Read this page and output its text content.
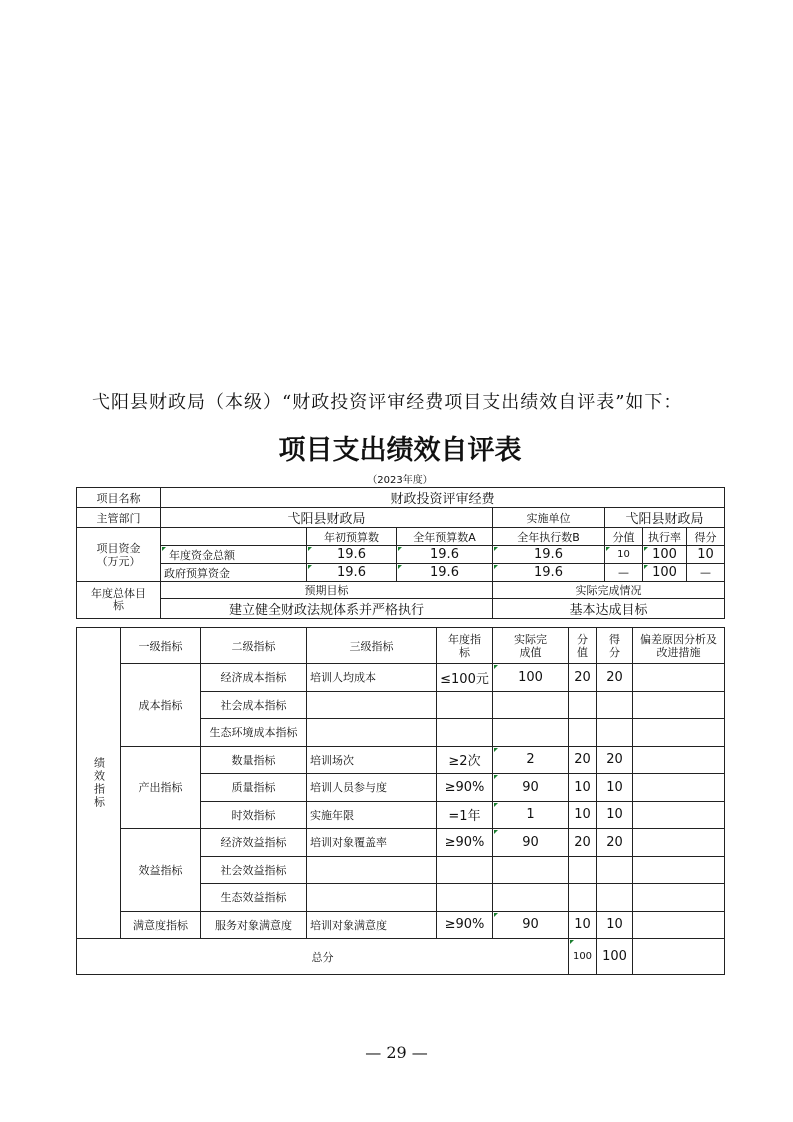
弋阳县财政局（本级）“财政投资评审经费项目支出绩效自评表”如下：
项目支出绩效自评表
（2023年度）
项目名称	财政投资评审经费						
主管部门	弋阳县财政局			实施单位	弋阳县财政局		
项目资金（万元）		年初预算数	全年预算数A	全年执行数B	分值	执行率	得分
	年度资金总额	19.6	19.6	19.6	10	100	10
	政府预算资金	19.6	19.6	19.6	—	100	—
年度总体目标	预期目标			实际完成情况			
	建立健全财政法规体系并严格执行			基本达成目标			
绩效指标	一级指标	二级指标	三级指标	年度指标	实际完成值	分值	得分	偏差原因分析及改进措施
	成本指标	经济成本指标	培训人均成本	≤100元	100	20	20	
		社会成本指标						
		生态环境成本指标						
	产出指标	数量指标	培训场次	≥2次	2	20	20	
		质量指标	培训人员参与度	≥90%	90	10	10	
		时效指标	实施年限	=1年	1	10	10	
	效益指标	经济效益指标	培训对象覆盖率	≥90%	90	20	20	
		社会效益指标						
		生态效益指标						
	满意度指标	服务对象满意度	培训对象满意度	≥90%	90	10	10	
总分						100	100	
— 29 —
